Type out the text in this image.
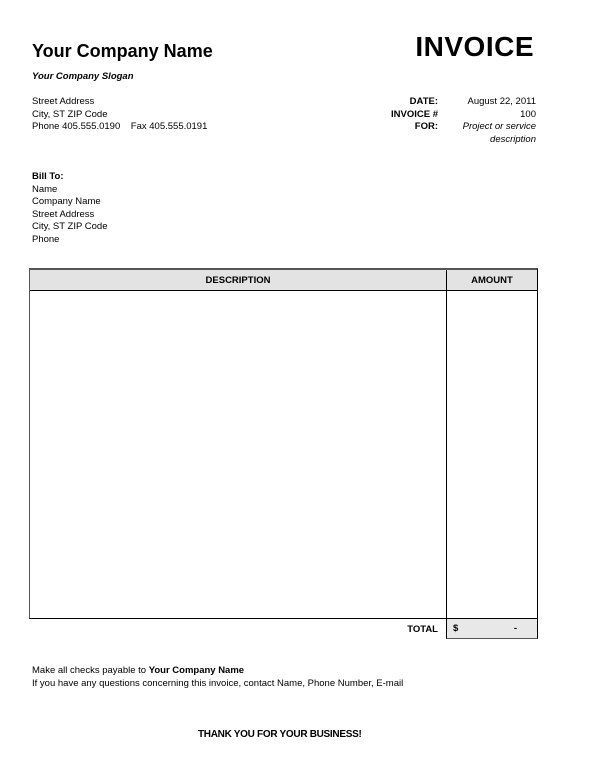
Your Company Name
Your Company Slogan
Street Address
City, ST ZIP Code
Phone 405.555.0190    Fax 405.555.0191
INVOICE
DATE:	August 22, 2011
INVOICE #	100
FOR:	Project or service
description
Bill To:
Name
Company Name
Street Address
City, ST ZIP Code
Phone
DESCRIPTION	AMOUNT
TOTAL $	-
Make all checks payable to Your Company Name
If you have any questions concerning this invoice, contact Name, Phone Number, E-mail
THANK YOU FOR YOUR BUSINESS!
